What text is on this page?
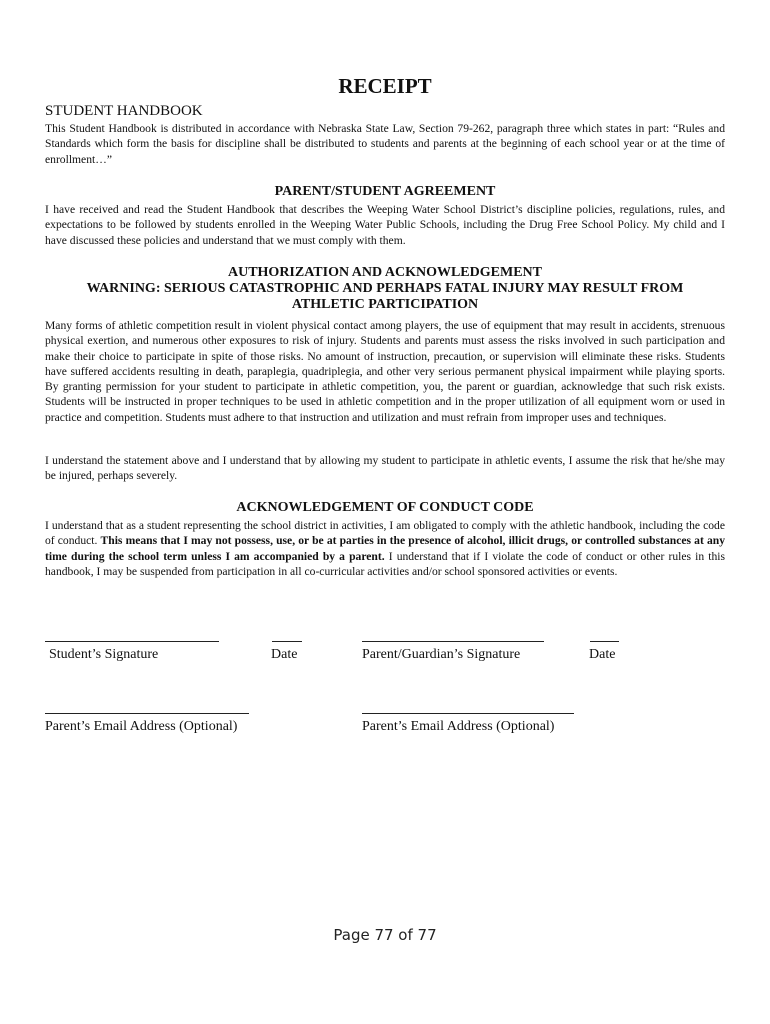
RECEIPT
STUDENT HANDBOOK

This Student Handbook is distributed in accordance with Nebraska State Law, Section 79-262, paragraph three which states in part: “Rules and Standards which form the basis for discipline shall be distributed to students and parents at the beginning of each school year or at the time of enrollment…”

PARENT/STUDENT AGREEMENT

I have received and read the Student Handbook that describes the Weeping Water School District’s discipline policies, regulations, rules, and expectations to be followed by students enrolled in the Weeping Water Public Schools, including the Drug Free School Policy. My child and I have discussed these policies and understand that we must comply with them.

AUTHORIZATION AND ACKNOWLEDGEMENT
WARNING: SERIOUS CATASTROPHIC AND PERHAPS FATAL INJURY MAY RESULT FROM
ATHLETIC PARTICIPATION

Many forms of athletic competition result in violent physical contact among players, the use of equipment that may result in accidents, strenuous physical exertion, and numerous other exposures to risk of injury. Students and parents must assess the risks involved in such participation and make their choice to participate in spite of those risks. No amount of instruction, precaution, or supervision will eliminate these risks. Students have suffered accidents resulting in death, paraplegia, quadriplegia, and other very serious permanent physical impairment while playing sports. By granting permission for your student to participate in athletic competition, you, the parent or guardian, acknowledge that such risk exists. Students will be instructed in proper techniques to be used in athletic competition and in the proper utilization of all equipment worn or used in practice and competition. Students must adhere to that instruction and utilization and must refrain from improper uses and techniques.

I understand the statement above and I understand that by allowing my student to participate in athletic events, I assume the risk that he/she may be injured, perhaps severely.

ACKNOWLEDGEMENT OF CONDUCT CODE

I understand that as a student representing the school district in activities, I am obligated to comply with the athletic handbook, including the code of conduct. This means that I may not possess, use, or be at parties in the presence of alcohol, illicit drugs, or controlled substances at any time during the school term unless I am accompanied by a parent. I understand that if I violate the code of conduct or other rules in this handbook, I may be suspended from participation in all co-curricular activities and/or school sponsored activities or events.

Student’s Signature	Date	Parent/Guardian’s Signature	Date
Parent’s Email Address (Optional)	Parent’s Email Address (Optional)
Page 77 of 77
